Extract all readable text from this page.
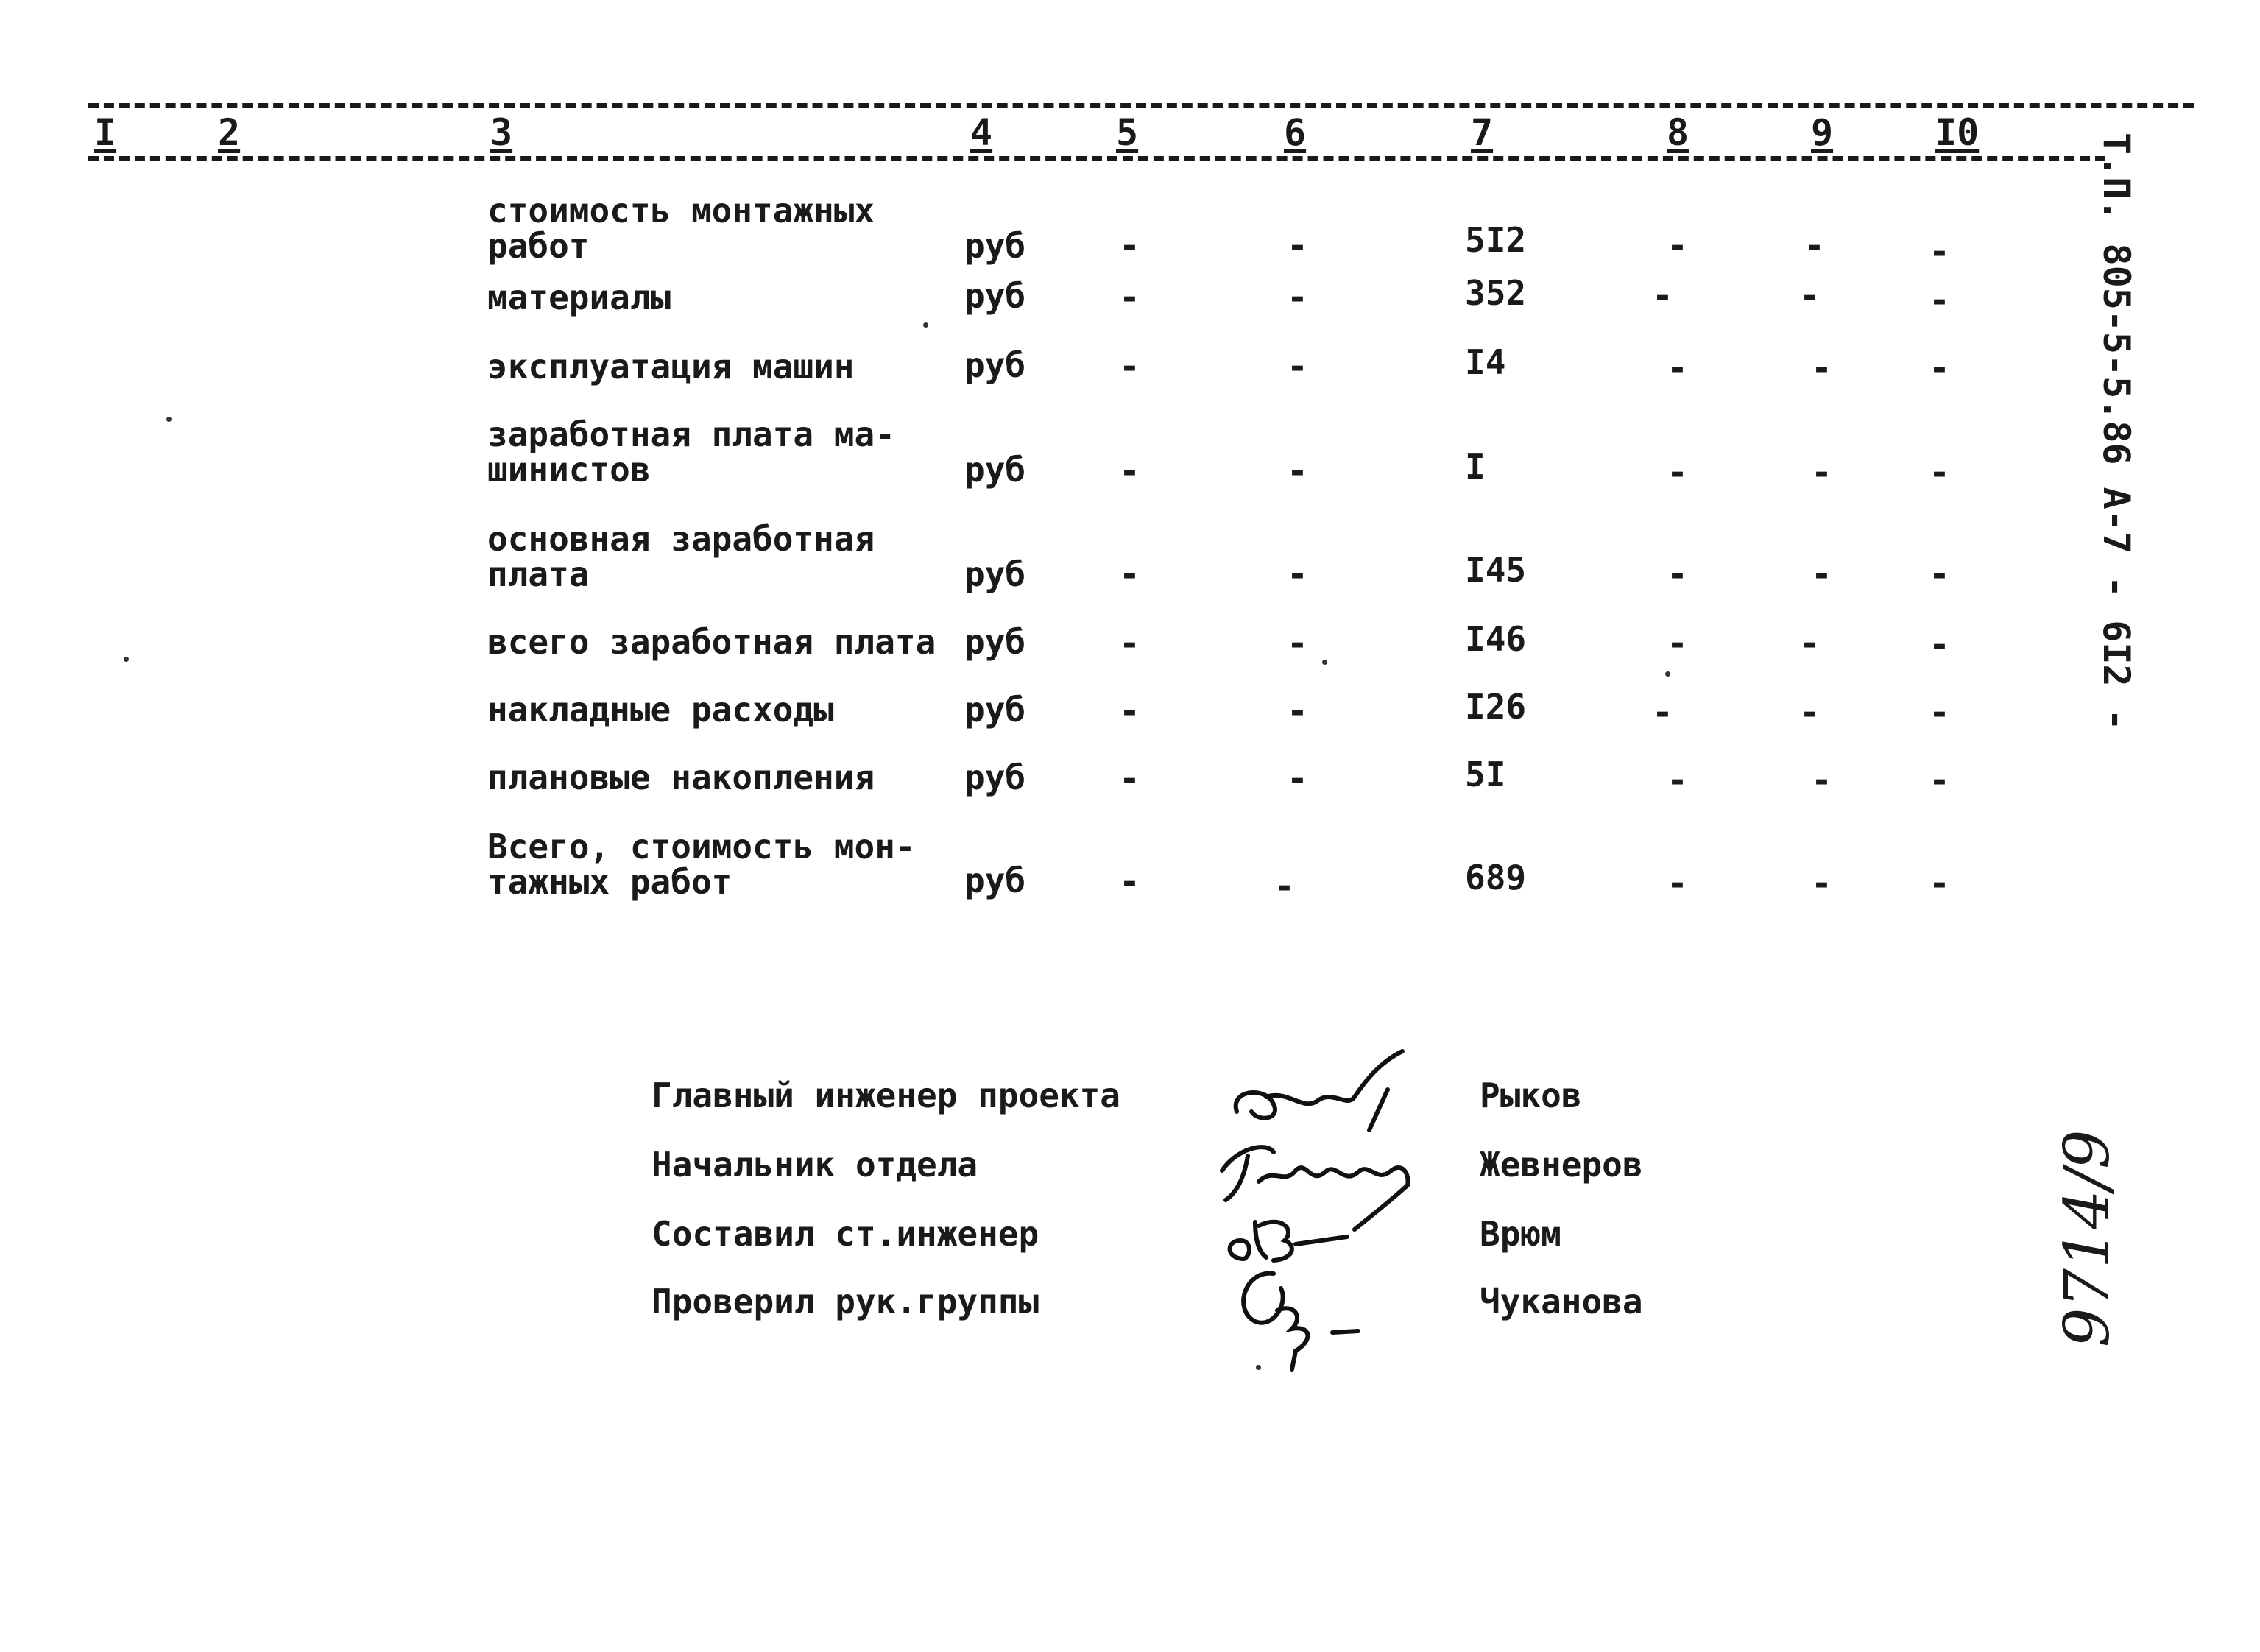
I	2	3	4	5	6	7	8	9	I0	Т.П. 805-5-5.86 А-7 - 6I2 -
стоимость монтажных
работ	руб	-	-	5I2	-	-	-
материалы	руб	-	-	352	-	-	-
эксплуатация машин	руб	-	-	I4	-	-	-
заработная плата ма-
шинистов	руб	-	-	I	-	-	-
основная заработная
плата	руб	-	-	I45	-	-	-
всего заработная плата руб	-	-	I46	-	-	-
накладные расходы	руб	-	-	I26	-	-	-
плановые накопления	руб	-	-	5I	-	-	-
Всего, стоимость мон-
тажных работ	руб	-	-	689	-	-	-
Главный инженер проекта	Рыков
Начальник отдела	Жевнеров
Составил ст.инженер	Врюм
Проверил рук.группы	Чуканова	9714/9
